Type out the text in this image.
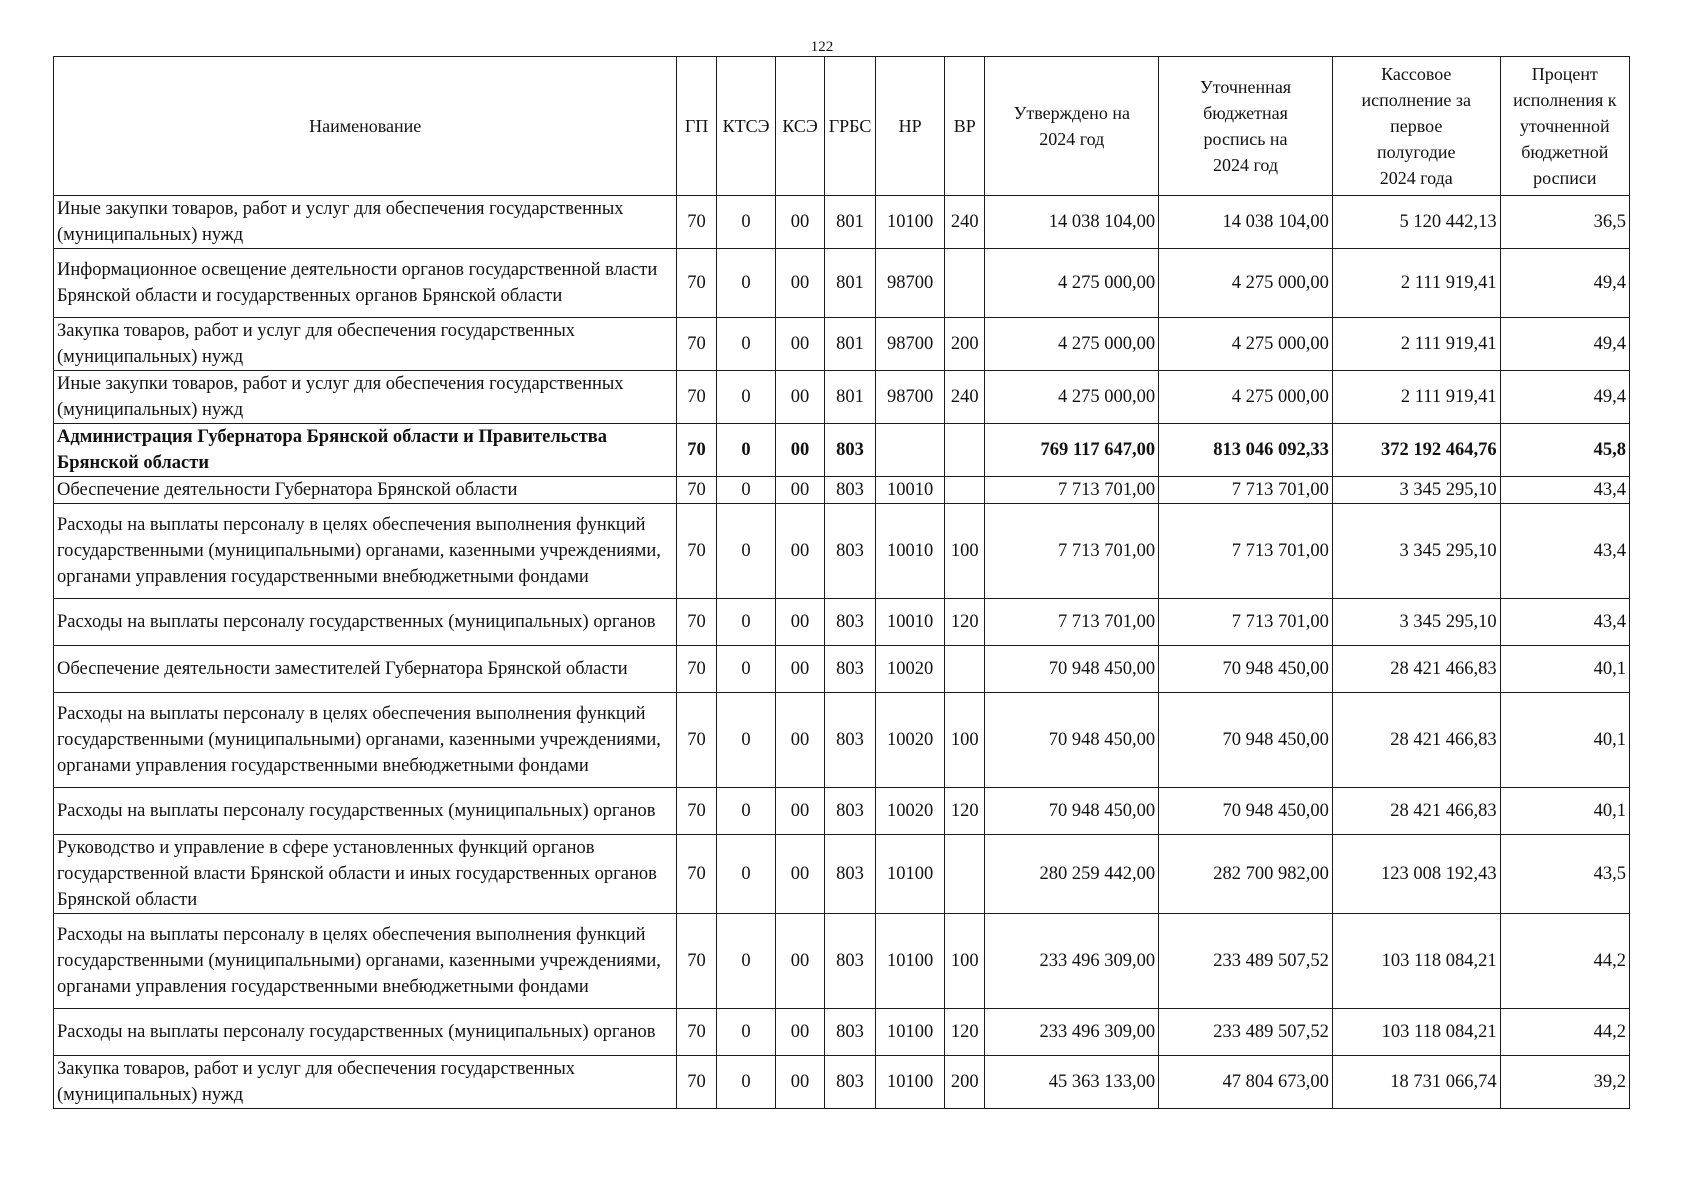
122
Наименование	ГП	КТСЭ	КСЭ	ГРБС	НР	ВР	Утверждено на 2024 год	Уточненная бюджетная роспись на 2024 год	Кассовое исполнение за первое полугодие 2024 года	Процент исполнения к уточненной бюджетной росписи
Иные закупки товаров, работ и услуг для обеспечения государственных (муниципальных) нужд	70	0	00	801	10100	240	14 038 104,00	14 038 104,00	5 120 442,13	36,5
Информационное освещение деятельности органов государственной власти Брянской области и государственных органов Брянской области	70	0	00	801	98700		4 275 000,00	4 275 000,00	2 111 919,41	49,4
Закупка товаров, работ и услуг для обеспечения государственных (муниципальных) нужд	70	0	00	801	98700	200	4 275 000,00	4 275 000,00	2 111 919,41	49,4
Иные закупки товаров, работ и услуг для обеспечения государственных (муниципальных) нужд	70	0	00	801	98700	240	4 275 000,00	4 275 000,00	2 111 919,41	49,4
Администрация Губернатора Брянской области и Правительства Брянской области	70	0	00	803			769 117 647,00	813 046 092,33	372 192 464,76	45,8
Обеспечение деятельности Губернатора Брянской области	70	0	00	803	10010		7 713 701,00	7 713 701,00	3 345 295,10	43,4
Расходы на выплаты персоналу в целях обеспечения выполнения функций государственными (муниципальными) органами, казенными учреждениями, органами управления государственными внебюджетными фондами	70	0	00	803	10010	100	7 713 701,00	7 713 701,00	3 345 295,10	43,4
Расходы на выплаты персоналу государственных (муниципальных) органов	70	0	00	803	10010	120	7 713 701,00	7 713 701,00	3 345 295,10	43,4
Обеспечение деятельности заместителей Губернатора Брянской области	70	0	00	803	10020		70 948 450,00	70 948 450,00	28 421 466,83	40,1
Расходы на выплаты персоналу в целях обеспечения выполнения функций государственными (муниципальными) органами, казенными учреждениями, органами управления государственными внебюджетными фондами	70	0	00	803	10020	100	70 948 450,00	70 948 450,00	28 421 466,83	40,1
Расходы на выплаты персоналу государственных (муниципальных) органов	70	0	00	803	10020	120	70 948 450,00	70 948 450,00	28 421 466,83	40,1
Руководство и управление в сфере установленных функций органов государственной власти Брянской области и иных государственных органов Брянской области	70	0	00	803	10100		280 259 442,00	282 700 982,00	123 008 192,43	43,5
Расходы на выплаты персоналу в целях обеспечения выполнения функций государственными (муниципальными) органами, казенными учреждениями, органами управления государственными внебюджетными фондами	70	0	00	803	10100	100	233 496 309,00	233 489 507,52	103 118 084,21	44,2
Расходы на выплаты персоналу государственных (муниципальных) органов	70	0	00	803	10100	120	233 496 309,00	233 489 507,52	103 118 084,21	44,2
Закупка товаров, работ и услуг для обеспечения государственных (муниципальных) нужд	70	0	00	803	10100	200	45 363 133,00	47 804 673,00	18 731 066,74	39,2
